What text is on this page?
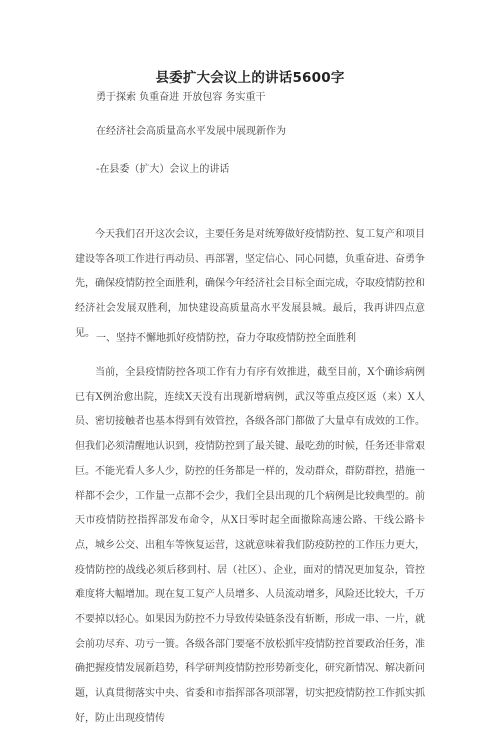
县委扩大会议上的讲话5600字
勇于探索 负重奋进 开放包容 务实重干
在经济社会高质量高水平发展中展现新作为
-在县委（扩大）会议上的讲话

今天我们召开这次会议，主要任务是对统筹做好疫情防控、复工复产和项目建设等各项工作进行再动员、再部署，坚定信心、同心同德，负重奋进、奋勇争先，确保疫情防控全面胜利，确保今年经济社会目标全面完成，夺取疫情防控和经济社会发展双胜利，加快建设高质量高水平发展县城。最后，我再讲四点意见。 一、坚持不懈地抓好疫情防控，奋力夺取疫情防控全面胜利

当前，全县疫情防控各项工作有力有序有效推进，截至目前，X个确诊病例已有X例治愈出院，连续X天没有出现新增病例，武汉等重点疫区返（来）X人员、密切接触者也基本得到有效管控，各级各部门都做了大量卓有成效的工作。但我们必须清醒地认识到，疫情防控到了最关键、最吃劲的时候，任务还非常艰巨。不能光看人多人少，防控的任务都是一样的，发动群众，群防群控，措施一样都不会少，工作量一点都不会少，我们全县出现的几个病例是比较典型的。前天市疫情防控指挥部发布命令，从X日零时起全面撤除高速公路、干线公路卡点，城乡公交、出租车等恢复运营，这就意味着我们防疫防控的工作压力更大，疫情防控的战线必须后移到村、居（社区）、企业，面对的情况更加复杂，管控难度将大幅增加。现在复工复产人员增多、人员流动增多，风险还比较大，千万不要掉以轻心。如果因为防控不力导致传染链条没有斩断，形成一串、一片，就会前功尽弃、功亏一篑。各级各部门要毫不放松抓牢疫情防控首要政治任务，准确把握疫情发展新趋势，科学研判疫情防控形势新变化，研究新情况、解决新问题，认真贯彻落实中央、省委和市指挥部各项部署，切实把疫情防控工作抓实抓好，防止出现疫情传
